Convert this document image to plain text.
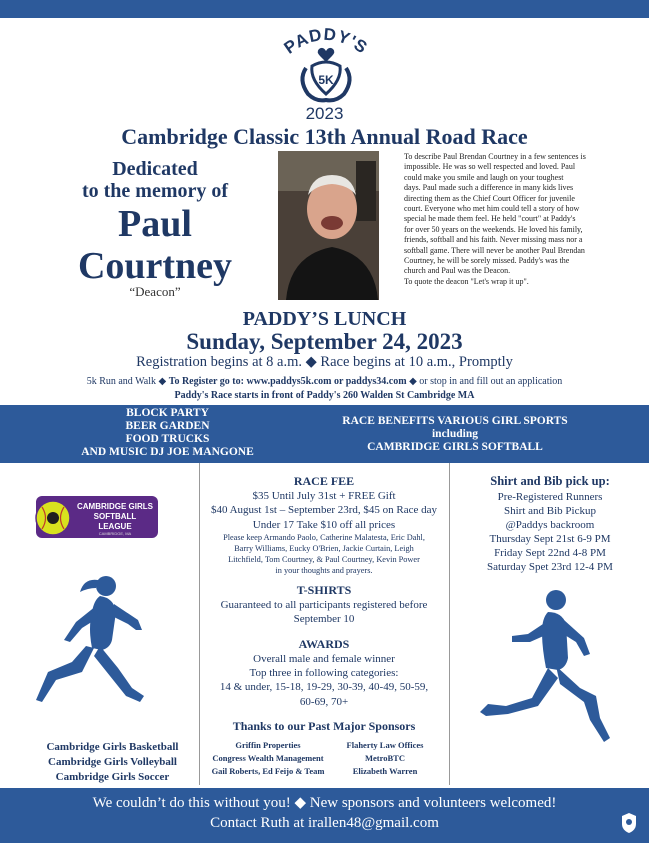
PADDY'S
5K
2023
Cambridge Classic 13th Annual Road Race
Dedicated
to the memory of
Paul
Courtney
“Deacon”
To describe Paul Brendan Courtney in a few sentences is
impossible. He was so well respected and loved. Paul
could make you smile and laugh on your toughest
days. Paul made such a difference in many kids lives
directing them as the Chief Court Officer for juvenile
court. Everyone who met him could tell a story of how
special he made them feel. He held "court" at Paddy's
for over 50 years on the weekends. He loved his family,
friends, softball and his faith. Never missing mass nor a
softball game. There will never be another Paul Brendan
Courtney, he will be sorely missed. Paddy's was the
church and Paul was the Deacon.
To quote the deacon "Let's wrap it up".
PADDY’S LUNCH
Sunday, September 24, 2023
Registration begins at 8 a.m. ◆ Race begins at 10 a.m., Promptly
5k Run and Walk ◆ To Register go to: www.paddys5k.com or paddys34.com ◆ or stop in and fill out an application
Paddy's Race starts in front of Paddy's 260 Walden St Cambridge MA
BLOCK PARTY
BEER GARDEN
FOOD TRUCKS
AND MUSIC DJ JOE MANGONE
RACE BENEFITS VARIOUS GIRL SPORTS
including
CAMBRIDGE GIRLS SOFTBALL
CAMBRIDGE GIRLS
SOFTBALL
LEAGUE
CAMBRIDGE, MA
Cambridge Girls Basketball
Cambridge Girls Volleyball
Cambridge Girls Soccer
RACE FEE
$35 Until July 31st + FREE Gift
$40 August 1st – September 23rd, $45 on Race day
Under 17 Take $10 off all prices
Please keep Armando Paolo, Catherine Malatesta, Eric Dahl,
Barry Williams, Eucky O'Brien, Jackie Curtain, Leigh
Litchfield, Tom Courtney, & Paul Courtney, Kevin Power
in your thoughts and prayers.
T-SHIRTS
Guaranteed to all participants registered before
September 10
AWARDS
Overall male and female winner
Top three in following categories:
14 & under, 15-18, 19-29, 30-39, 40-49, 50-59,
60-69, 70+
Thanks to our Past Major Sponsors
Griffin Properties
Congress Wealth Management
Gail Roberts, Ed Feijo & Team
Flaherty Law Offices
MetroBTC
Elizabeth Warren
Shirt and Bib pick up:
Pre-Registered Runners
Shirt and Bib Pickup
@Paddys backroom
Thursday Sept 21st 6-9 PM
Friday Sept 22nd 4-8 PM
Saturday Spet 23rd 12-4 PM
We couldn’t do this without you! ◆ New sponsors and volunteers welcomed!
Contact Ruth at irallen48@gmail.com
